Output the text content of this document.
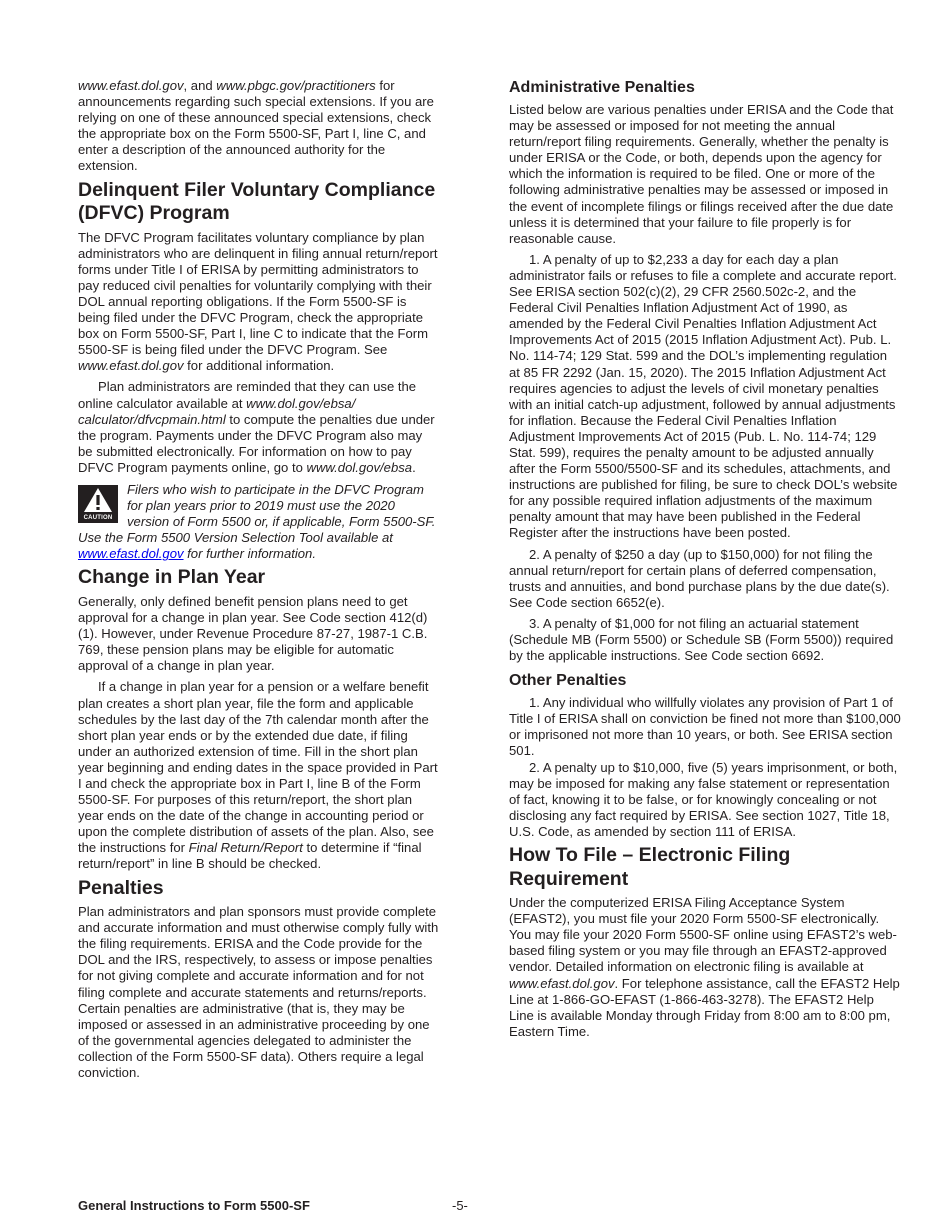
www.efast.dol.gov, and www.pbgc.gov/practitioners for announcements regarding such special extensions. If you are relying on one of these announced special extensions, check the appropriate box on the Form 5500-SF, Part I, line C, and enter a description of the announced authority for the extension.

Delinquent Filer Voluntary Compliance (DFVC) Program

The DFVC Program facilitates voluntary compliance by plan administrators who are delinquent in filing annual return/report forms under Title I of ERISA by permitting administrators to pay reduced civil penalties for voluntarily complying with their DOL annual reporting obligations. If the Form 5500-SF is being filed under the DFVC Program, check the appropriate box on Form 5500-SF, Part I, line C to indicate that the Form 5500-SF is being filed under the DFVC Program. See www.efast.dol.gov for additional information.

Plan administrators are reminded that they can use the online calculator available at www.dol.gov/ebsa/ calculator/dfvcpmain.html to compute the penalties due under the program. Payments under the DFVC Program also may be submitted electronically. For information on how to pay DFVC Program payments online, go to www.dol.gov/ebsa.

CAUTION

Filers who wish to participate in the DFVC Program for plan years prior to 2019 must use the 2020 version of Form 5500 or, if applicable, Form 5500-SF. Use the Form 5500 Version Selection Tool available at www.efast.dol.gov for further information.

Change in Plan Year

Generally, only defined benefit pension plans need to get approval for a change in plan year. See Code section 412(d)(1). However, under Revenue Procedure 87-27, 1987-1 C.B. 769, these pension plans may be eligible for automatic approval of a change in plan year.

If a change in plan year for a pension or a welfare benefit plan creates a short plan year, file the form and applicable schedules by the last day of the 7th calendar month after the short plan year ends or by the extended due date, if filing under an authorized extension of time. Fill in the short plan year beginning and ending dates in the space provided in Part I and check the appropriate box in Part I, line B of the Form 5500-SF. For purposes of this return/report, the short plan year ends on the date of the change in accounting period or upon the complete distribution of assets of the plan. Also, see the instructions for Final Return/Report to determine if “final return/report” in line B should be checked.

Penalties

Plan administrators and plan sponsors must provide complete and accurate information and must otherwise comply fully with the filing requirements. ERISA and the Code provide for the DOL and the IRS, respectively, to assess or impose penalties for not giving complete and accurate information and for not filing complete and accurate statements and returns/reports. Certain penalties are administrative (that is, they may be imposed or assessed in an administrative proceeding by one of the governmental agencies delegated to administer the collection of the Form 5500-SF data). Others require a legal conviction.

Administrative Penalties

Listed below are various penalties under ERISA and the Code that may be assessed or imposed for not meeting the annual return/report filing requirements. Generally, whether the penalty is under ERISA or the Code, or both, depends upon the agency for which the information is required to be filed. One or more of the following administrative penalties may be assessed or imposed in the event of incomplete filings or filings received after the due date unless it is determined that your failure to file properly is for reasonable cause.

1. A penalty of up to $2,233 a day for each day a plan administrator fails or refuses to file a complete and accurate report. See ERISA section 502(c)(2), 29 CFR 2560.502c-2, and the Federal Civil Penalties Inflation Adjustment Act of 1990, as amended by the Federal Civil Penalties Inflation Adjustment Act Improvements Act of 2015 (2015 Inflation Adjustment Act). Pub. L. No. 114-74; 129 Stat. 599 and the DOL’s implementing regulation at 85 FR 2292 (Jan. 15, 2020). The 2015 Inflation Adjustment Act requires agencies to adjust the levels of civil monetary penalties with an initial catch-up adjustment, followed by annual adjustments for inflation. Because the Federal Civil Penalties Inflation Adjustment Improvements Act of 2015 (Pub. L. No. 114-74; 129 Stat. 599), requires the penalty amount to be adjusted annually after the Form 5500/5500-SF and its schedules, attachments, and instructions are published for filing, be sure to check DOL’s website for any possible required inflation adjustments of the maximum penalty amount that may have been published in the Federal Register after the instructions have been posted.

2. A penalty of $250 a day (up to $150,000) for not filing the annual return/report for certain plans of deferred compensation, trusts and annuities, and bond purchase plans by the due date(s). See Code section 6652(e).

3. A penalty of $1,000 for not filing an actuarial statement (Schedule MB (Form 5500) or Schedule SB (Form 5500)) required by the applicable instructions. See Code section 6692.

Other Penalties

1. Any individual who willfully violates any provision of Part 1 of Title I of ERISA shall on conviction be fined not more than $100,000 or imprisoned not more than 10 years, or both. See ERISA section 501.

2. A penalty up to $10,000, five (5) years imprisonment, or both, may be imposed for making any false statement or representation of fact, knowing it to be false, or for knowingly concealing or not disclosing any fact required by ERISA. See section 1027, Title 18, U.S. Code, as amended by section 111 of ERISA.

How To File – Electronic Filing Requirement

Under the computerized ERISA Filing Acceptance System (EFAST2), you must file your 2020 Form 5500-SF electronically. You may file your 2020 Form 5500-SF online using EFAST2’s web-based filing system or you may file through an EFAST2-approved vendor. Detailed information on electronic filing is available at www.efast.dol.gov. For telephone assistance, call the EFAST2 Help Line at 1-866-GO-EFAST (1-866-463-3278). The EFAST2 Help Line is available Monday through Friday from 8:00 am to 8:00 pm, Eastern Time.

General Instructions to Form 5500-SF	-5-
